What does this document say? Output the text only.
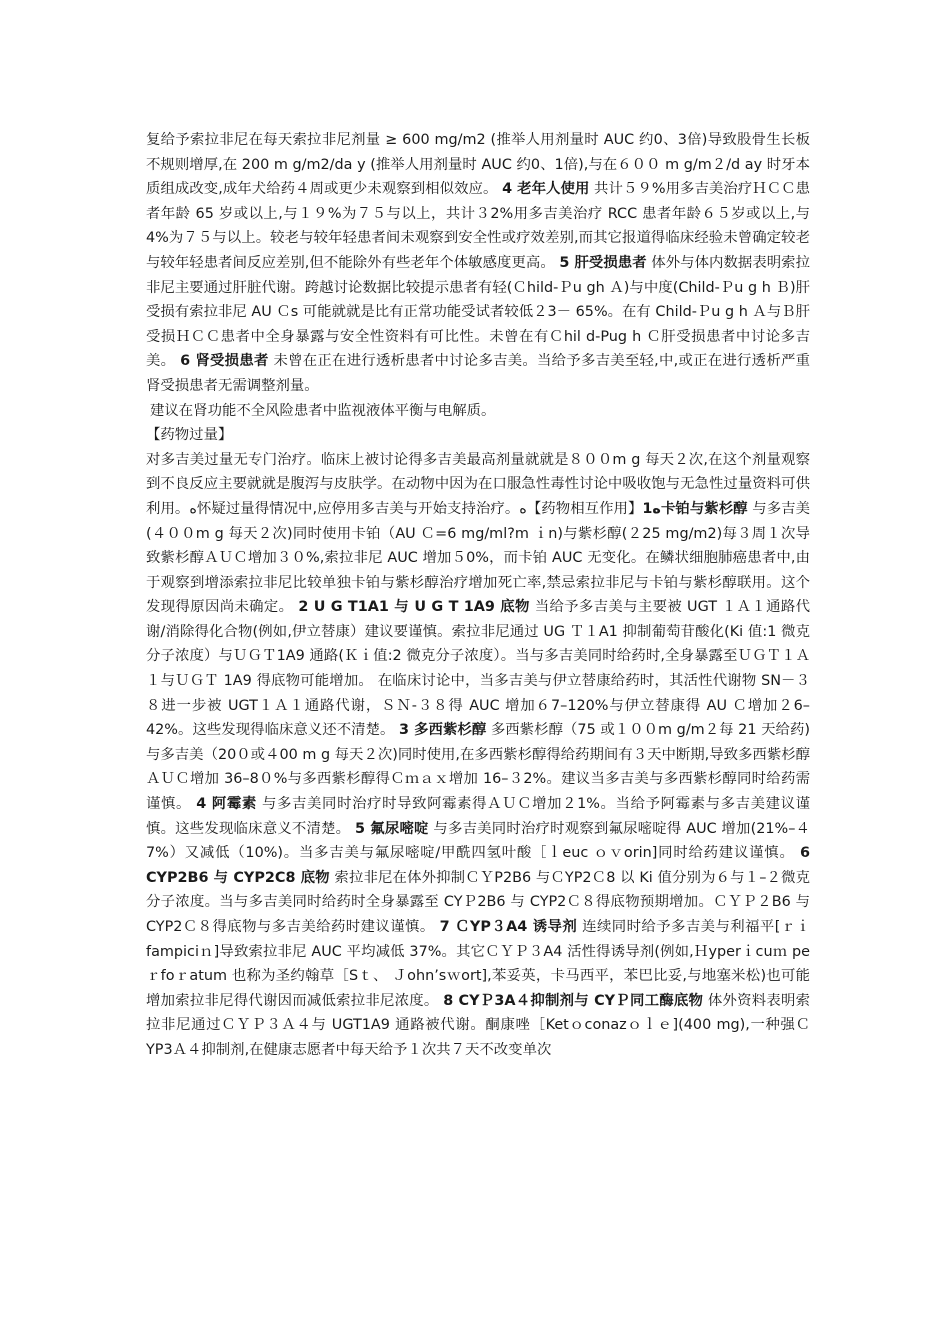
复给予索拉非尼在每天索拉非尼剂量 ≥ 600 mg/m2 (推举人用剂量时 AUC 约0、3倍)导致股骨生长板不规则增厚,在 200 m g/m2/da y (推举人用剂量时 AUC 约0、1倍),与在６００ m g/m２/d ay 时牙本质组成改变,成年犬给药４周或更少未观察到相似效应。 4 老年人使用 共计５９%用多吉美治疗ＨＣＣ患者年龄 65 岁或以上,与１９%为７５与以上，共计３2%用多吉美治疗 RCC 患者年龄６５岁或以上,与 4%为７５与以上。较老与较年轻患者间未观察到安全性或疗效差别,而其它报道得临床经验未曾确定较老与较年轻患者间反应差别,但不能除外有些老年个体敏感度更高。 5 肝受损患者 体外与体内数据表明索拉非尼主要通过肝脏代谢。跨越讨论数据比较提示患者有轻(Ｃhild-Ｐu gh Ａ)与中度(Child-Ｐu g h Ｂ)肝受损有索拉非尼 AU Ｃs 可能就就是比有正常功能受试者较低２3－ 65%。在有 Child-Ｐu g h Ａ与Ｂ肝受损ＨＣＣ患者中全身暴露与安全性资料有可比性。未曾在有Ｃhil d-Pug h Ｃ肝受损患者中讨论多吉美。 6 肾受损患者 未曾在正在进行透析患者中讨论多吉美。当给予多吉美至轻,中,或正在进行透析严重肾受损患者无需调整剂量。

建议在肾功能不全风险患者中监视液体平衡与电解质。

【药物过量】

对多吉美过量无专门治疗。临床上被讨论得多吉美最高剂量就就是８００m g 每天２次,在这个剂量观察到不良反应主要就就是腹泻与皮肤学。在动物中因为在口服急性毒性讨论中吸收饱与无急性过量资料可供利用。ﻩ怀疑过量得情况中,应停用多吉美与开始支持治疗。ﻩ【药物相互作用】1ﻩ卡铂与紫杉醇 与多吉美(４００m g 每天２次)同时使用卡铂（AU Ｃ=6 mg/ml?m ｉn)与紫杉醇(２25 mg/m2)每３周１次导致紫杉醇ＡＵＣ增加３０%,索拉非尼 AUC 增加５0%，而卡铂 AUC 无变化。在鳞状细胞肺癌患者中,由于观察到增添索拉非尼比较单独卡铂与紫杉醇治疗增加死亡率,禁忌索拉非尼与卡铂与紫杉醇联用。这个发现得原因尚未确定。 2 U G T1A1 与 U G T 1A9 底物 当给予多吉美与主要被 UGT １Ａ１通路代谢/消除得化合物(例如,伊立替康）建议要谨慎。索拉非尼通过 UG Ｔ１A1 抑制葡萄苷酸化(Ki 值:1 微克分子浓度）与ＵＧＴ1A9 通路(Ｋｉ值:2 微克分子浓度）。当与多吉美同时给药时,全身暴露至ＵＧＴ１Ａ１与ＵＧＴ 1A9 得底物可能增加。 在临床讨论中，当多吉美与伊立替康给药时，其活性代谢物 SN－３８进一步被 UGT１Ａ１通路代谢，ＳＮ-３８得 AUC 增加６7–120%与伊立替康得 AU Ｃ增加２6–42%。这些发现得临床意义还不清楚。 3 多西紫杉醇 多西紫杉醇（75 或１００m g/m２每 21 天给药)与多吉美（20０或４00 m g 每天２次)同时使用,在多西紫杉醇得给药期间有３天中断期,导致多西紫杉醇ＡＵＣ增加 36–8０%与多西紫杉醇得Ｃｍａｘ增加 16–３2%。建议当多吉美与多西紫杉醇同时给药需谨慎。 4 阿霉素 与多吉美同时治疗时导致阿霉素得ＡＵＣ增加２1%。当给予阿霉素与多吉美建议谨慎。这些发现临床意义不清楚。 5 氟尿嘧啶 与多吉美同时治疗时观察到氟尿嘧啶得 AUC 增加(21%–４7%）又减低（10%)。当多吉美与氟尿嘧啶/甲酰四氢叶酸［ｌeuc ｏｖorin]同时给药建议谨慎。 6 CYP2B6 与 CYP2C8 底物 索拉非尼在体外抑制ＣＹP2B6 与ＣYP2Ｃ8 以 Ki 值分别为６与１–２微克分子浓度。当与多吉美同时给药时全身暴露至 CYＰ2B6 与 CYP2Ｃ８得底物预期增加。ＣＹＰ２B6 与 CYP2Ｃ８得底物与多吉美给药时建议谨慎。 7 ＣYP３A4 诱导剂 连续同时给予多吉美与利福平[ｒｉfampiciｎ]导致索拉非尼 AUC 平均减低 37%。其它ＣＹＰ３A4 活性得诱导剂(例如,Ｈyperｉcuｍ peｒfoｒatum 也称为圣约翰草［Sｔ、 Ｊohn’sｗort],苯妥英，卡马西平，苯巴比妥,与地塞米松)也可能增加索拉非尼得代谢因而减低索拉非尼浓度。 8 CYＰ3A４抑制剂与 CYＰ同工酶底物 体外资料表明索拉非尼通过ＣＹＰ３Ａ４与 UGT1A9 通路被代谢。酮康唑［Ketｏconazｏｌｅ](400 mg),一种强ＣYP3Ａ４抑制剂,在健康志愿者中每天给予１次共７天不改变单次
